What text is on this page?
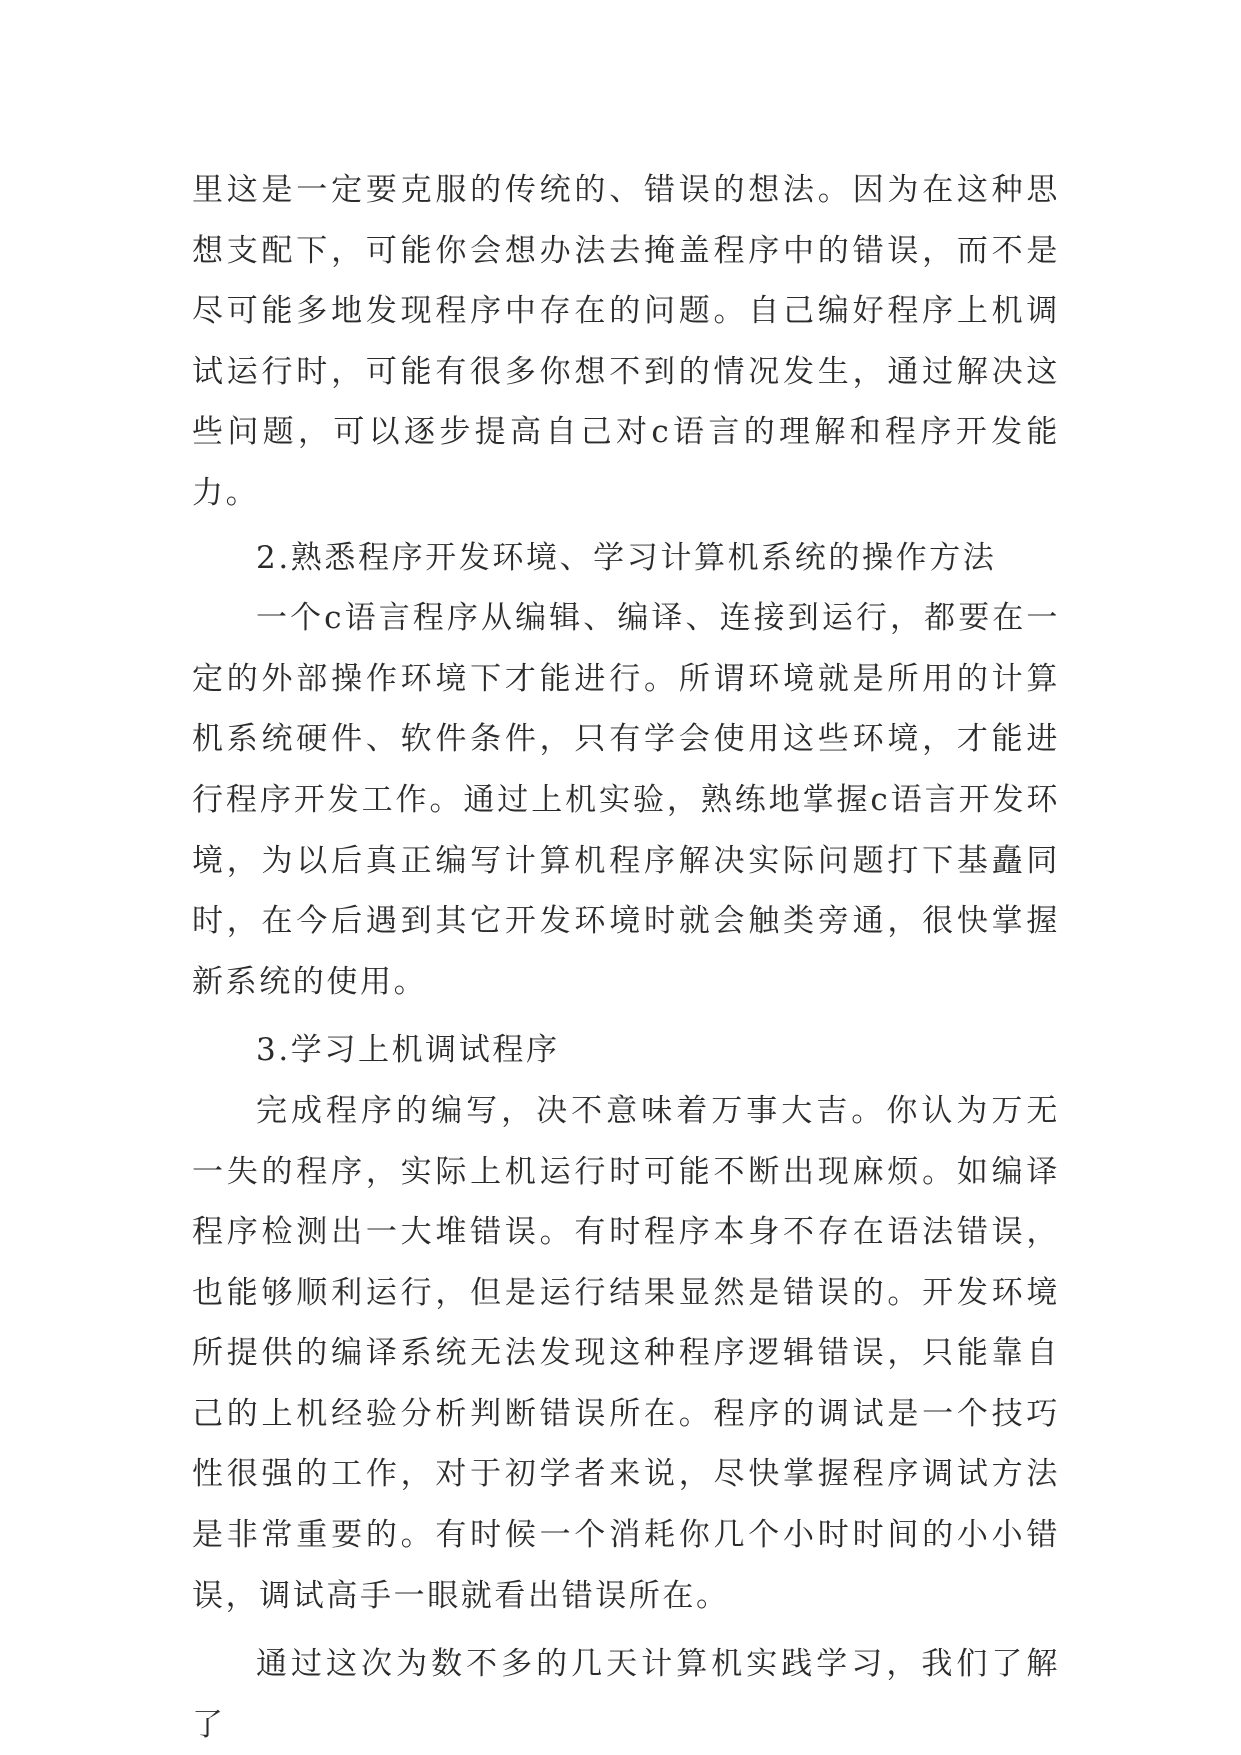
里这是一定要克服的传统的、错误的想法。因为在这种思想支配下，可能你会想办法去掩盖程序中的错误，而不是尽可能多地发现程序中存在的问题。自己编好程序上机调试运行时，可能有很多你想不到的情况发生，通过解决这些问题，可以逐步提高自己对c语言的理解和程序开发能力。

2.熟悉程序开发环境、学习计算机系统的操作方法

一个c语言程序从编辑、编译、连接到运行，都要在一定的外部操作环境下才能进行。所谓环境就是所用的计算机系统硬件、软件条件，只有学会使用这些环境，才能进行程序开发工作。通过上机实验，熟练地掌握c语言开发环境，为以后真正编写计算机程序解决实际问题打下基矗同时，在今后遇到其它开发环境时就会触类旁通，很快掌握新系统的使用。

3.学习上机调试程序

完成程序的编写，决不意味着万事大吉。你认为万无一失的程序，实际上机运行时可能不断出现麻烦。如编译程序检测出一大堆错误。有时程序本身不存在语法错误，也能够顺利运行，但是运行结果显然是错误的。开发环境所提供的编译系统无法发现这种程序逻辑错误，只能靠自己的上机经验分析判断错误所在。程序的调试是一个技巧性很强的工作，对于初学者来说，尽快掌握程序调试方法是非常重要的。有时候一个消耗你几个小时时间的小小错误，调试高手一眼就看出错误所在。

通过这次为数不多的几天计算机实践学习，我们了解了
